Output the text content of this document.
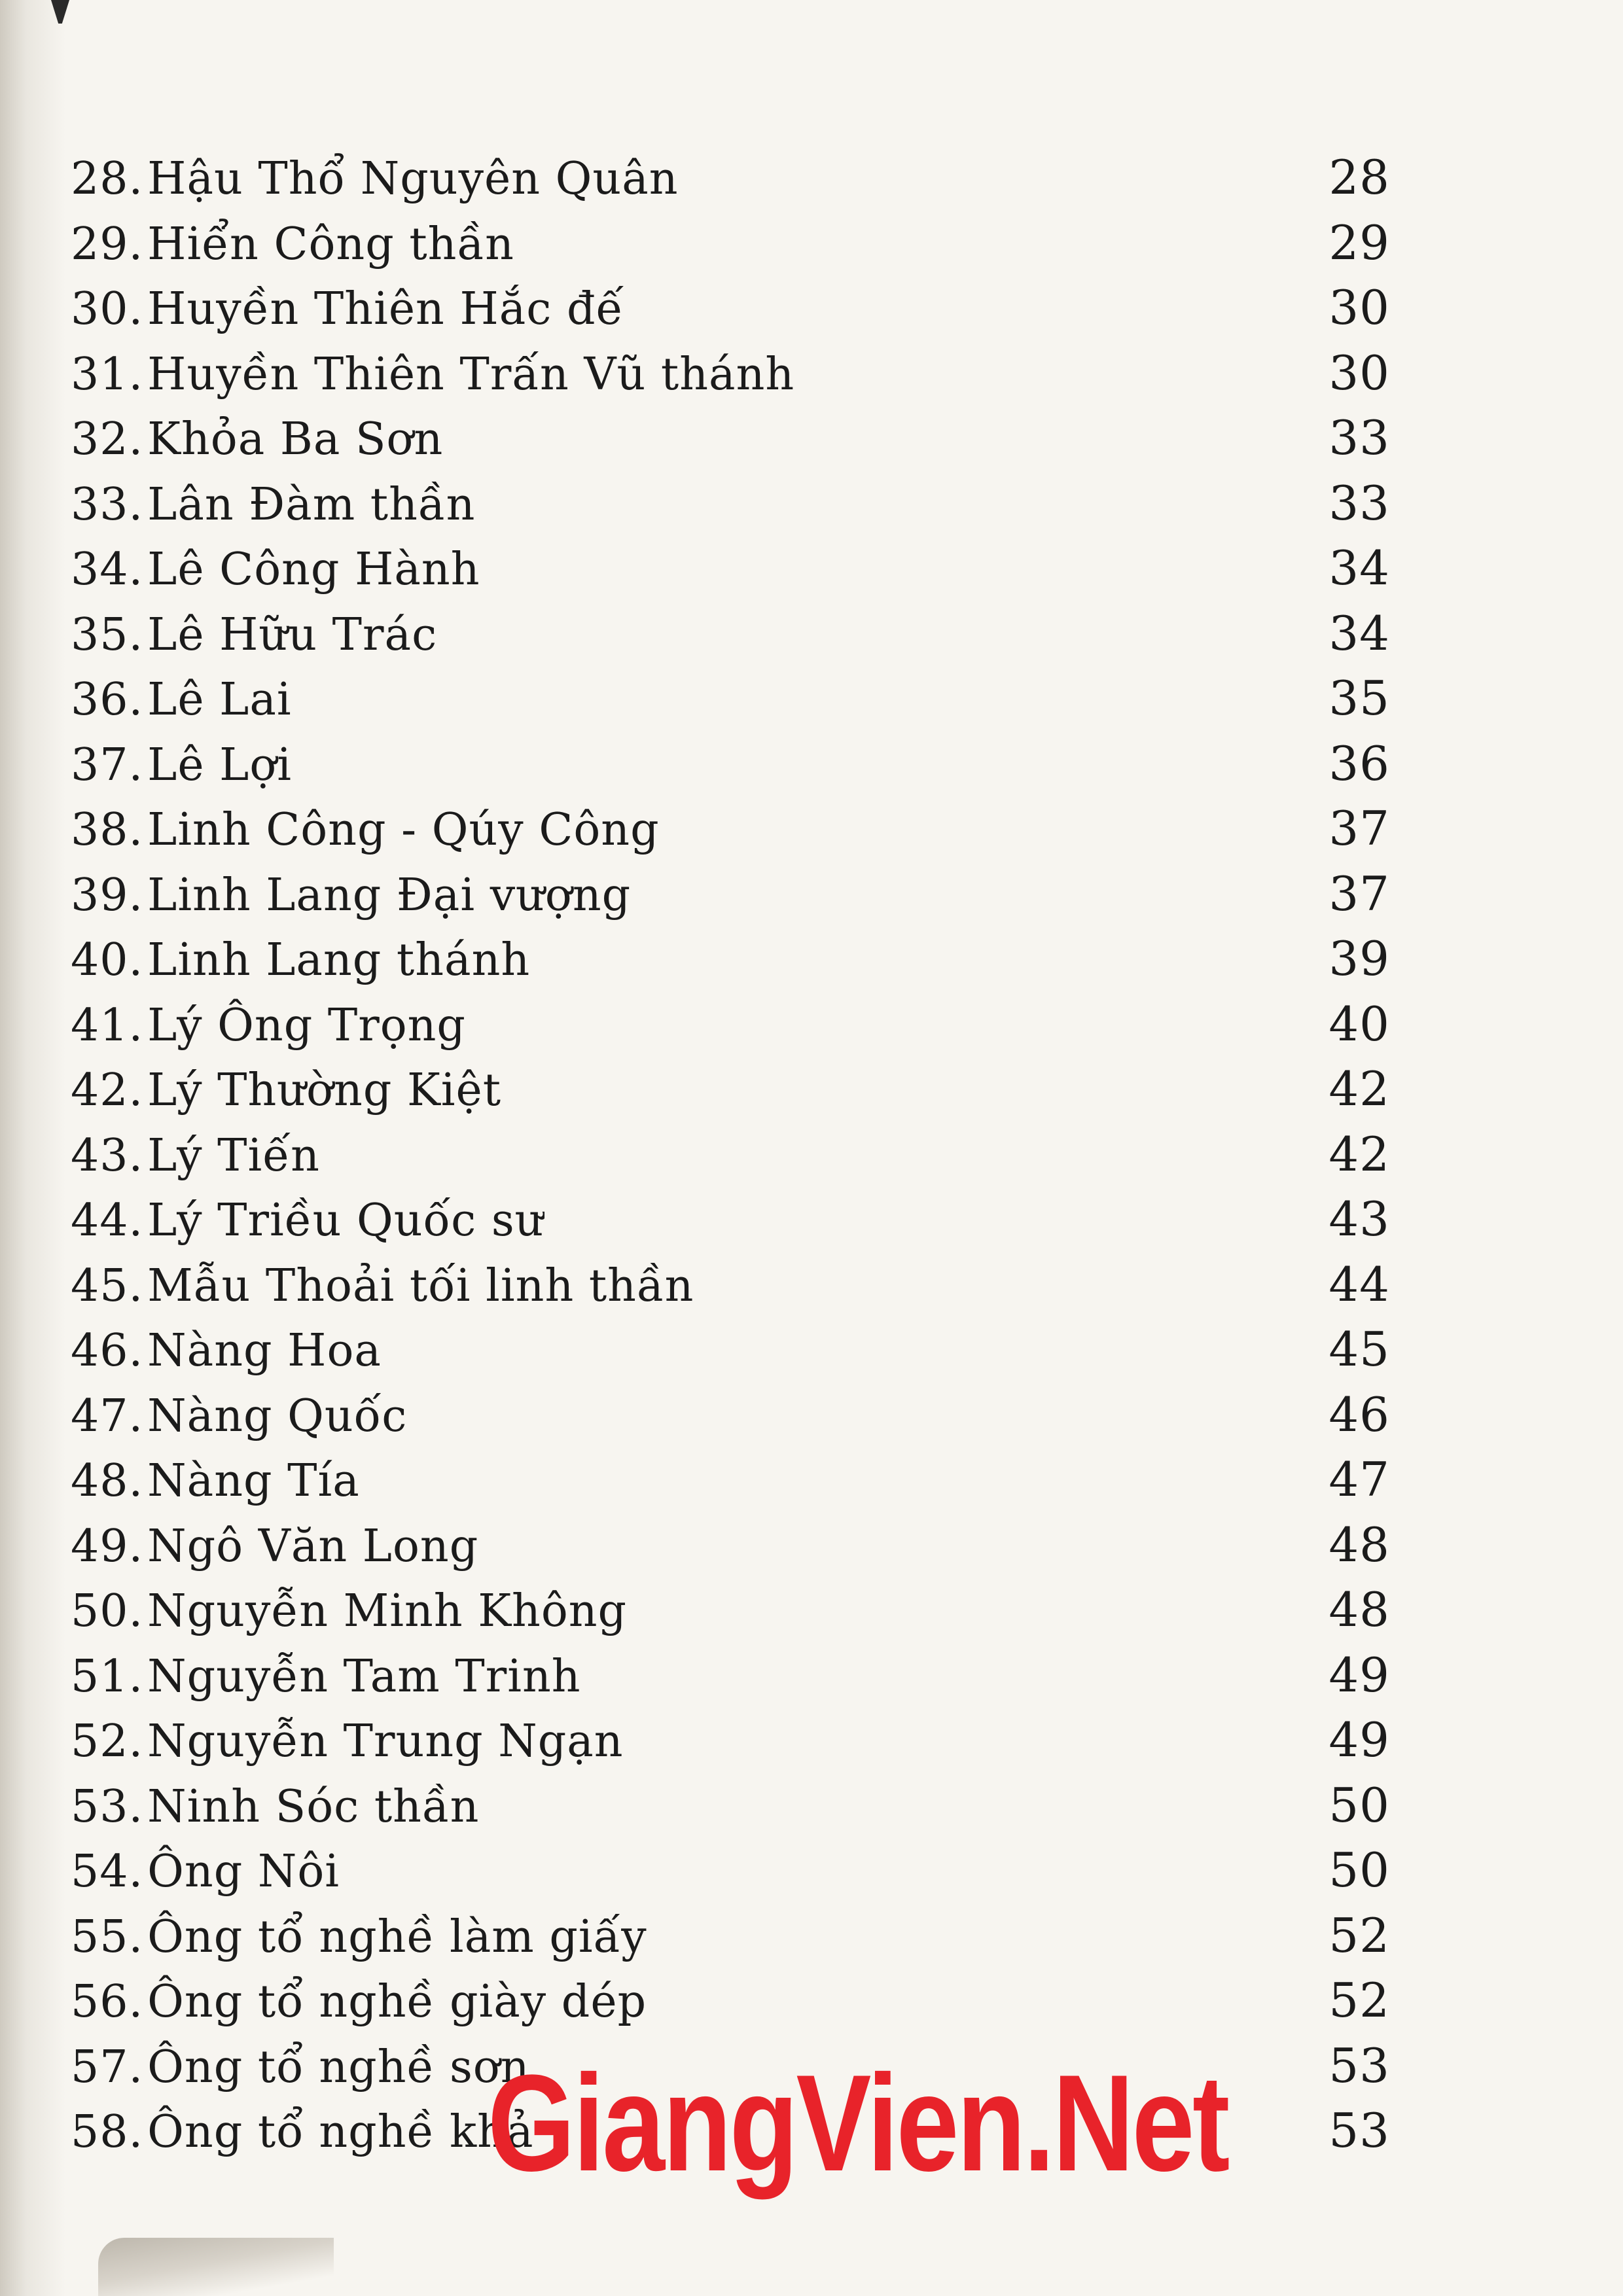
28.Hậu Thổ Nguyên Quân	28
29.Hiển Công thần	29
30.Huyền Thiên Hắc đế	30
31.Huyền Thiên Trấn Vũ thánh	30
32.Khỏa Ba Sơn	33
33.Lân Đàm thần	33
34.Lê Công Hành	34
35.Lê Hữu Trác	34
36.Lê Lai	35
37.Lê Lợi	36
38.Linh Công - Qúy Công	37
39.Linh Lang Đại vượng	37
40.Linh Lang thánh	39
41.Lý Ông Trọng	40
42.Lý Thường Kiệt	42
43.Lý Tiến	42
44.Lý Triều Quốc sư	43
45.Mẫu Thoải tối linh thần	44
46.Nàng Hoa	45
47.Nàng Quốc	46
48.Nàng Tía	47
49.Ngô Văn Long	48
50.Nguyễn Minh Không	48
51.Nguyễn Tam Trinh	49
52.Nguyễn Trung Ngạn	49
53.Ninh Sóc thần	50
54.Ông Nôi	50
55.Ông tổ nghề làm giấy	52
56.Ông tổ nghề giày dép	52
57.Ông tổ nghề sơn	53
58.Ông tổ nghề khả	53
GiangVien.Net
